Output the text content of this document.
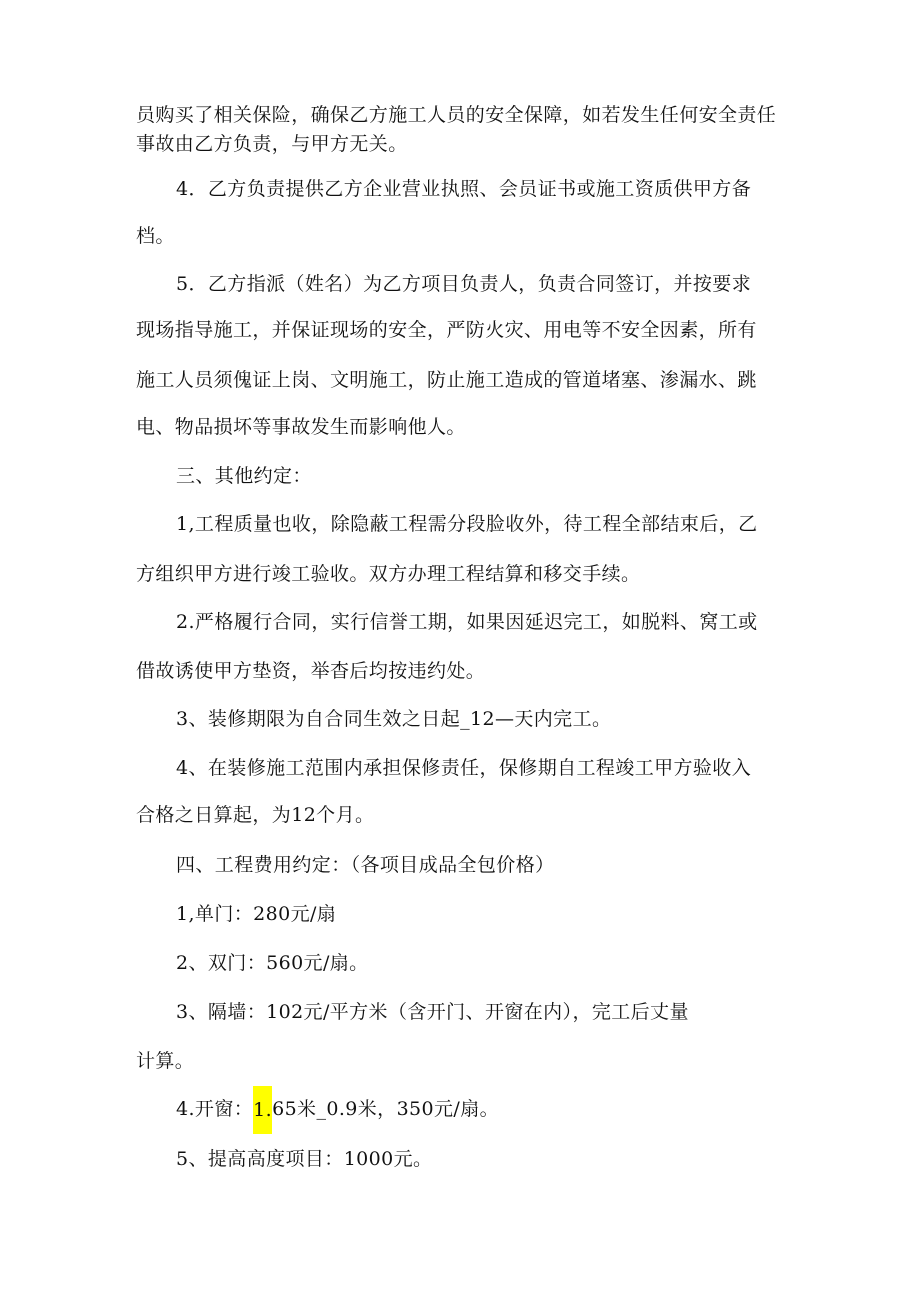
员购买了相关保险，确保乙方施工人员的安全保障，如若发生任何安全责任
事故由乙方负责，与甲方无关。
4．乙方负责提供乙方企业营业执照、会员证书或施工资质供甲方备
档。
5．乙方指派（姓名）为乙方项目负责人，负责合同签订，并按要求
现场指导施工，并保证现场的安全，严防火灾、用电等不安全因素，所有
施工人员须傀证上岗、文明施工，防止施工造成的管道堵塞、渗漏水、跳
电、物品损坏等事故发生而影响他人。
三、其他约定：
1,工程质量也收，除隐蔽工程需分段脸收外，待工程全部结束后，乙
方组织甲方进行竣工验收。双方办理工程结算和移交手续。
2.严格履行合同，实行信誉工期，如果因延迟完工，如脱料、窝工或
借故诱使甲方垫资，举杳后均按违约处。
3、装修期限为自合同生效之日起_12—天内完工。
4、在装修施工范围内承担保修责任，保修期自工程竣工甲方验收入
合格之日算起，为12个月。
四、工程费用约定：（各项目成品全包价格）
1,单门：280元/扇
2、双门：560元/扇。
3、隔墙：102元/平方米（含开门、开窗在内），完工后丈量
计算。
4.开窗：1.65米_0.9米，350元/扇。
5、提高高度项目：1000元。
